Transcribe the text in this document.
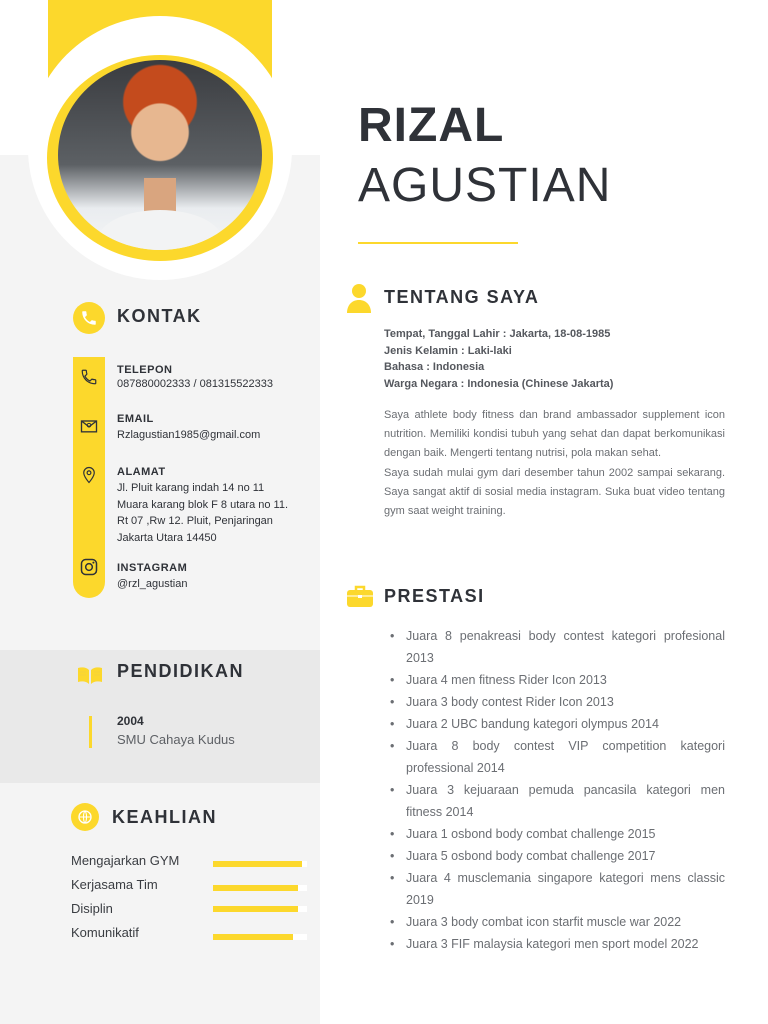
KONTAK
TELEPON
087880002333 / 081315522333
EMAIL
Rzlagustian1985@gmail.com
ALAMAT
Jl. Pluit karang indah 14 no 11
Muara karang blok F 8 utara no 11.
Rt 07 ,Rw 12. Pluit, Penjaringan
Jakarta Utara 14450
INSTAGRAM
@rzl_agustian
PENDIDIKAN
2004
SMU Cahaya Kudus
KEAHLIAN
Mengajarkan GYM
Kerjasama Tim
Disiplin
Komunikatif
RIZAL
AGUSTIAN
TENTANG SAYA
Tempat, Tanggal Lahir : Jakarta, 18-08-1985
Jenis Kelamin : Laki-laki
Bahasa : Indonesia
Warga Negara : Indonesia (Chinese Jakarta)

Saya athlete body fitness dan brand ambassador supplement icon nutrition. Memiliki kondisi tubuh yang sehat dan dapat berkomunikasi dengan baik. Mengerti tentang nutrisi, pola makan sehat.

Saya sudah mulai gym dari desember tahun 2002 sampai sekarang. Saya sangat aktif di sosial media instagram. Suka buat video tentang gym saat weight training.

PRESTASI
• Juara 8 penakreasi body contest kategori profesional 2013
• Juara 4 men fitness Rider Icon 2013
• Juara 3 body contest Rider Icon 2013
• Juara 2 UBC bandung kategori olympus 2014
• Juara 8 body contest VIP competition kategori professional 2014
• Juara 3 kejuaraan pemuda pancasila kategori men fitness 2014
• Juara 1 osbond body combat challenge 2015
• Juara 5 osbond body combat challenge 2017
• Juara 4 musclemania singapore kategori mens classic 2019
• Juara 3 body combat icon starfit muscle war 2022
• Juara 3 FIF malaysia kategori men sport model 2022
